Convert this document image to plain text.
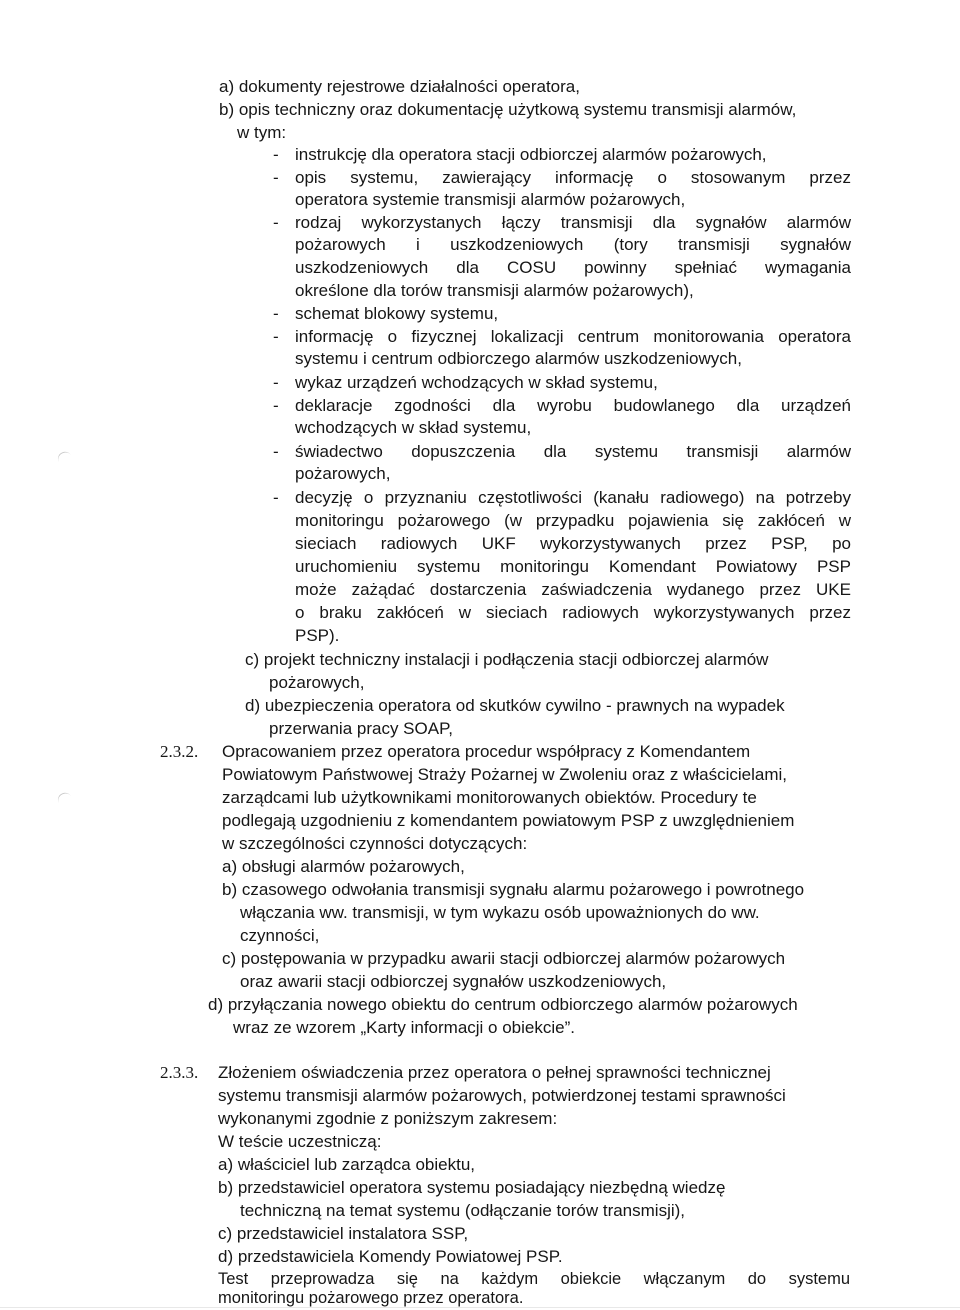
a) dokumenty rejestrowe działalności operatora,
b) opis techniczny oraz dokumentację użytkową systemu transmisji alarmów,
w tym:
- instrukcję dla operatora stacji odbiorczej alarmów pożarowych,
- opis systemu, zawierający informację o stosowanym przez
operatora systemie transmisji alarmów pożarowych,
- rodzaj wykorzystanych łączy transmisji dla sygnałów alarmów
pożarowych i uszkodzeniowych (tory transmisji sygnałów
uszkodzeniowych dla COSU powinny spełniać wymagania
określone dla torów transmisji alarmów pożarowych),
- schemat blokowy systemu,
- informację o fizycznej lokalizacji centrum monitorowania operatora
systemu i centrum odbiorczego alarmów uszkodzeniowych,
- wykaz urządzeń wchodzących w skład systemu,
- deklaracje zgodności dla wyrobu budowlanego dla urządzeń
wchodzących w skład systemu,
- świadectwo dopuszczenia dla systemu transmisji alarmów
pożarowych,
- decyzję o przyznaniu częstotliwości (kanału radiowego) na potrzeby
monitoringu pożarowego (w przypadku pojawienia się zakłóceń w
sieciach radiowych UKF wykorzystywanych przez PSP, po
uruchomieniu systemu monitoringu Komendant Powiatowy PSP
może zażądać dostarczenia zaświadczenia wydanego przez UKE
o braku zakłóceń w sieciach radiowych wykorzystywanych przez
PSP).
c) projekt techniczny instalacji i podłączenia stacji odbiorczej alarmów
pożarowych,
d) ubezpieczenia operatora od skutków cywilno - prawnych na wypadek
przerwania pracy SOAP,
2.3.2. Opracowaniem przez operatora procedur współpracy z Komendantem
Powiatowym Państwowej Straży Pożarnej w Zwoleniu oraz z właścicielami,
zarządcami lub użytkownikami monitorowanych obiektów. Procedury te
podlegają uzgodnieniu z komendantem powiatowym PSP z uwzględnieniem
w szczególności czynności dotyczących:
a) obsługi alarmów pożarowych,
b) czasowego odwołania transmisji sygnału alarmu pożarowego i powrotnego
włączania ww. transmisji, w tym wykazu osób upoważnionych do ww.
czynności,
c) postępowania w przypadku awarii stacji odbiorczej alarmów pożarowych
oraz awarii stacji odbiorczej sygnałów uszkodzeniowych,
d) przyłączania nowego obiektu do centrum odbiorczego alarmów pożarowych
wraz ze wzorem „Karty informacji o obiekcie”.
2.3.3. Złożeniem oświadczenia przez operatora o pełnej sprawności technicznej
systemu transmisji alarmów pożarowych, potwierdzonej testami sprawności
wykonanymi zgodnie z poniższym zakresem:
W teście uczestniczą:
a) właściciel lub zarządca obiektu,
b) przedstawiciel operatora systemu posiadający niezbędną wiedzę
techniczną na temat systemu (odłączanie torów transmisji),
c) przedstawiciel instalatora SSP,
d) przedstawiciela Komendy Powiatowej PSP.
Test przeprowadza się na każdym obiekcie włączanym do systemu
monitoringu pożarowego przez operatora.
